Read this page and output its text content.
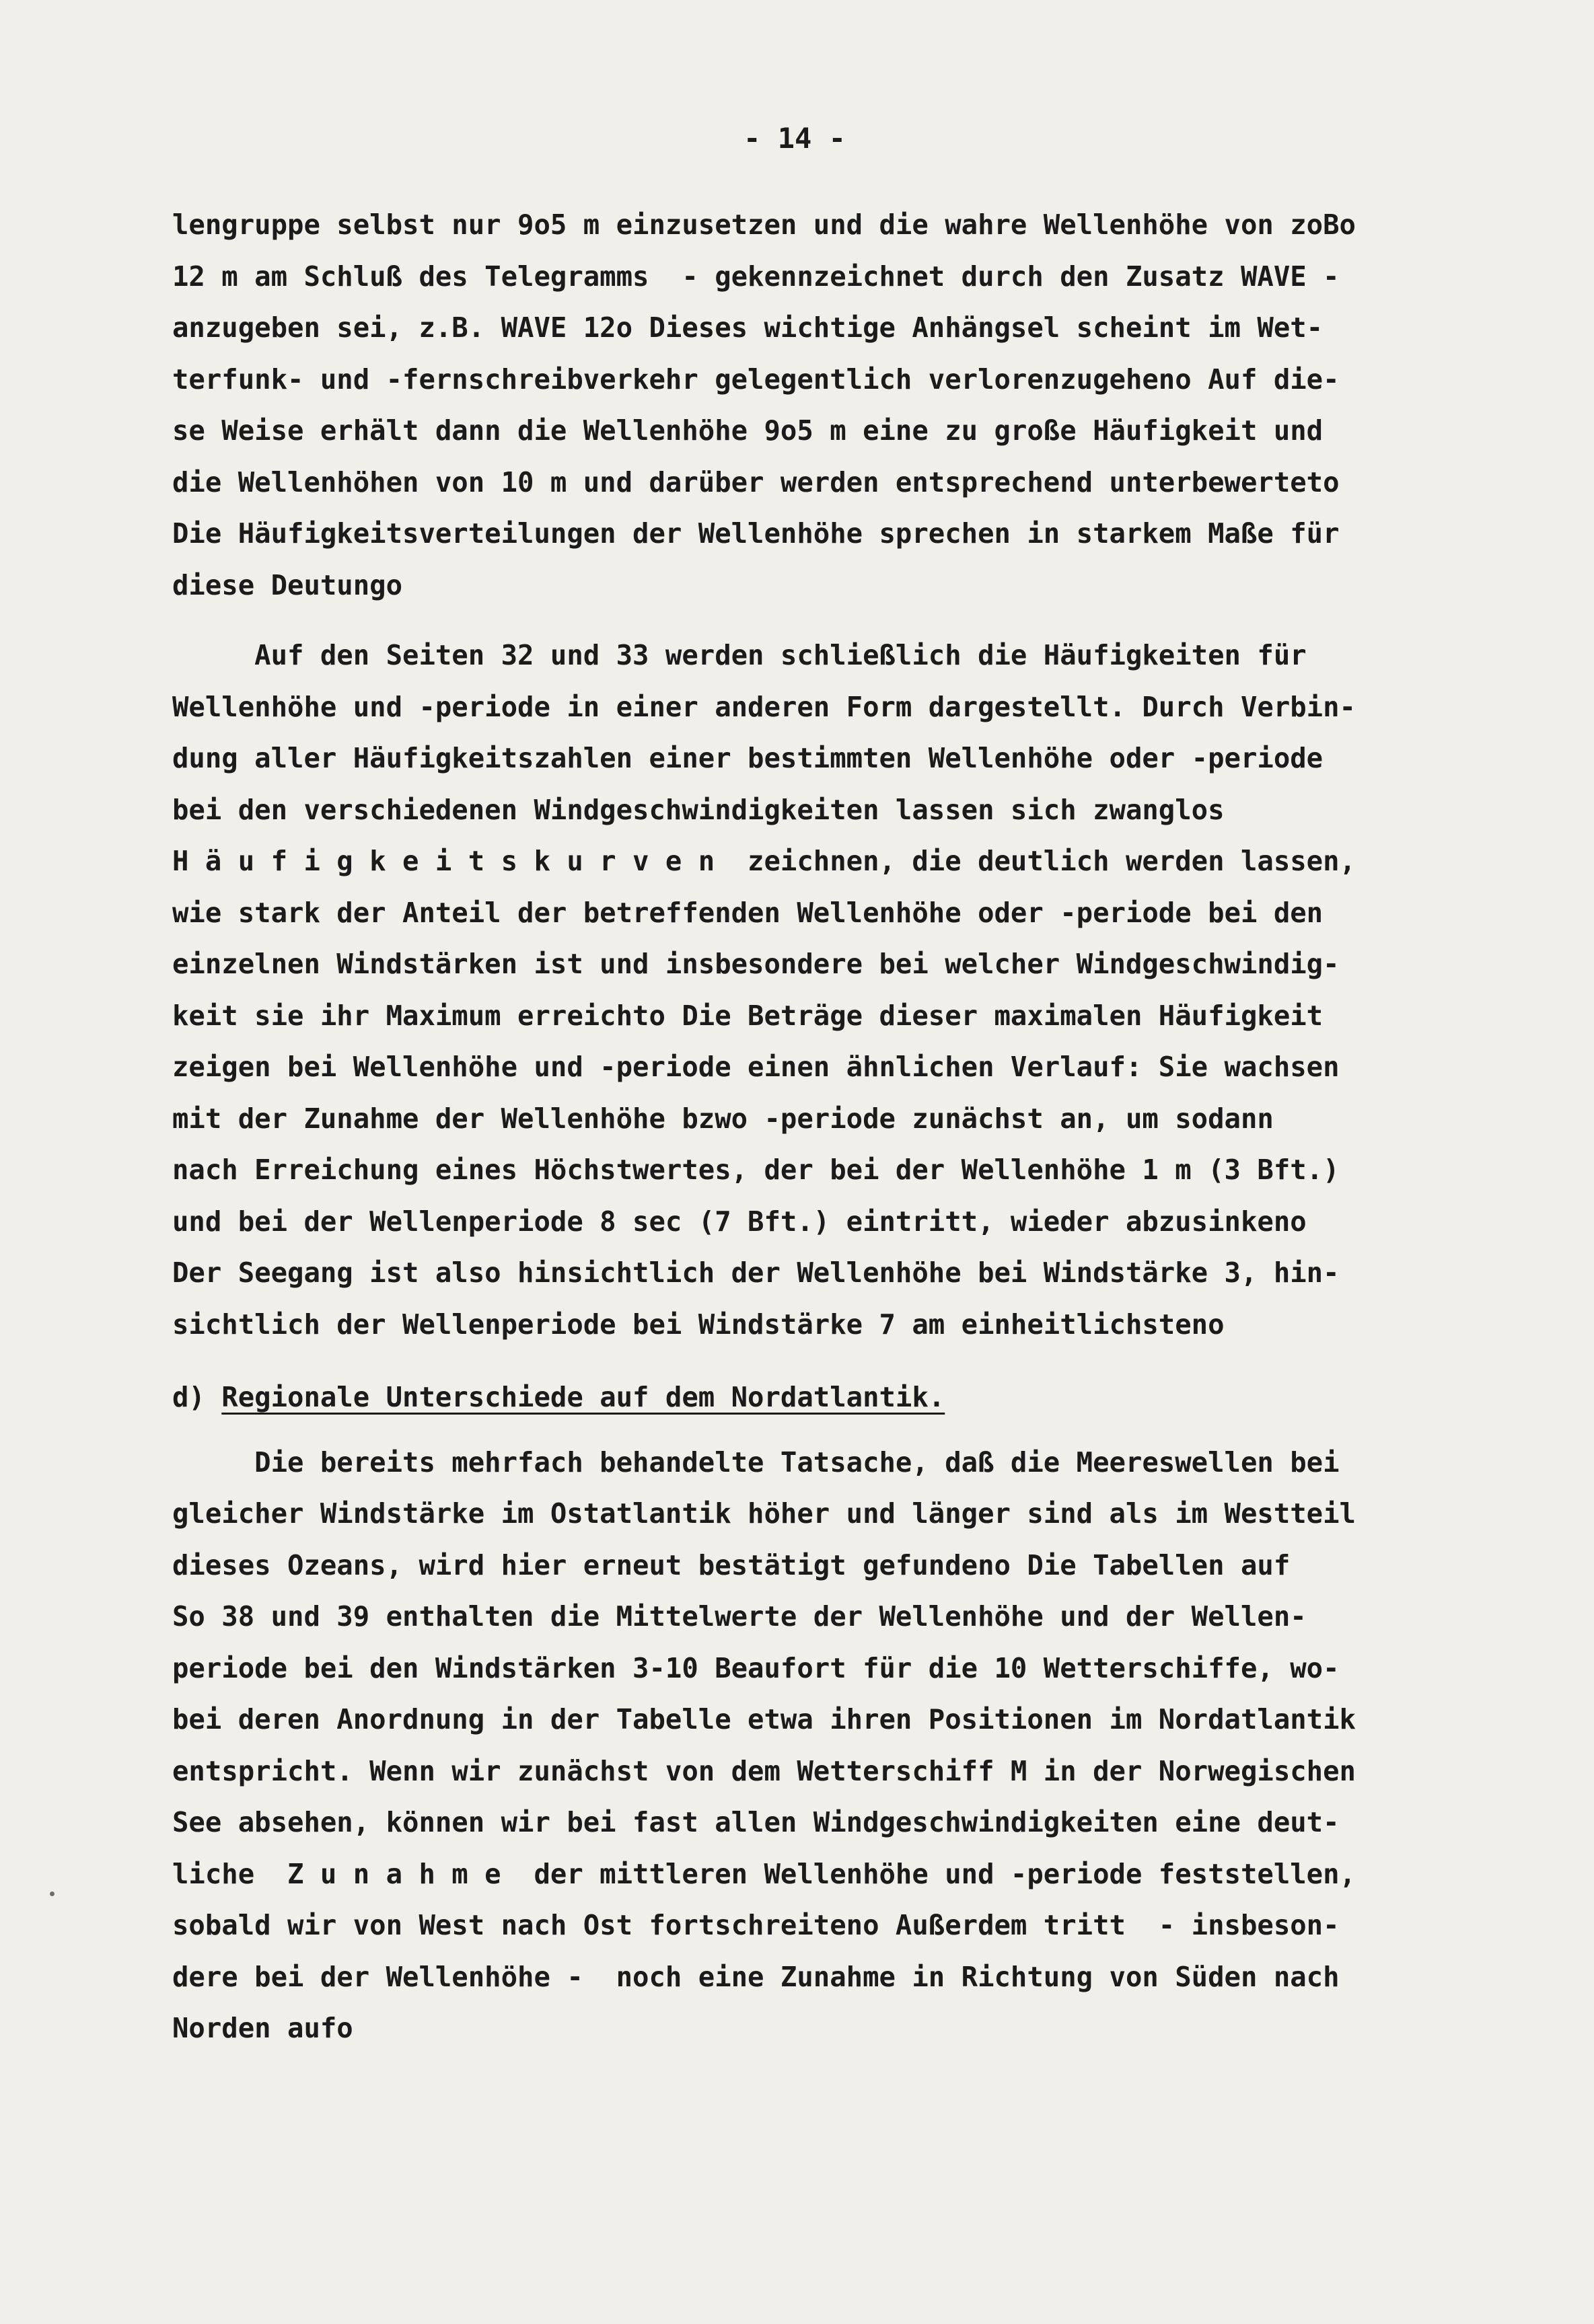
- 14 -
lengruppe selbst nur 9o5 m einzusetzen und die wahre Wellenhöhe von zoBo
12 m am Schluß des Telegramms  - gekennzeichnet durch den Zusatz WAVE -
anzugeben sei, z.B. WAVE 12o Dieses wichtige Anhängsel scheint im Wet-
terfunk- und -fernschreibverkehr gelegentlich verlorenzugeheno Auf die-
se Weise erhält dann die Wellenhöhe 9o5 m eine zu große Häufigkeit und
die Wellenhöhen von 10 m und darüber werden entsprechend unterbewerteto
Die Häufigkeitsverteilungen der Wellenhöhe sprechen in starkem Maße für
diese Deutungo
Auf den Seiten 32 und 33 werden schließlich die Häufigkeiten für
Wellenhöhe und -periode in einer anderen Form dargestellt. Durch Verbin-
dung aller Häufigkeitszahlen einer bestimmten Wellenhöhe oder -periode
bei den verschiedenen Windgeschwindigkeiten lassen sich zwanglos
H ä u f i g k e i t s k u r v e n  zeichnen, die deutlich werden lassen,
wie stark der Anteil der betreffenden Wellenhöhe oder -periode bei den
einzelnen Windstärken ist und insbesondere bei welcher Windgeschwindig-
keit sie ihr Maximum erreichto Die Beträge dieser maximalen Häufigkeit
zeigen bei Wellenhöhe und -periode einen ähnlichen Verlauf: Sie wachsen
mit der Zunahme der Wellenhöhe bzwo -periode zunächst an, um sodann
nach Erreichung eines Höchstwertes, der bei der Wellenhöhe 1 m (3 Bft.)
und bei der Wellenperiode 8 sec (7 Bft.) eintritt, wieder abzusinkeno
Der Seegang ist also hinsichtlich der Wellenhöhe bei Windstärke 3, hin-
sichtlich der Wellenperiode bei Windstärke 7 am einheitlichsteno
d) Regionale Unterschiede auf dem Nordatlantik.
Die bereits mehrfach behandelte Tatsache, daß die Meereswellen bei
gleicher Windstärke im Ostatlantik höher und länger sind als im Westteil
dieses Ozeans, wird hier erneut bestätigt gefundeno Die Tabellen auf
So 38 und 39 enthalten die Mittelwerte der Wellenhöhe und der Wellen-
periode bei den Windstärken 3-10 Beaufort für die 10 Wetterschiffe, wo-
bei deren Anordnung in der Tabelle etwa ihren Positionen im Nordatlantik
entspricht. Wenn wir zunächst von dem Wetterschiff M in der Norwegischen
See absehen, können wir bei fast allen Windgeschwindigkeiten eine deut-
liche  Z u n a h m e  der mittleren Wellenhöhe und -periode feststellen,
sobald wir von West nach Ost fortschreiteno Außerdem tritt  - insbeson-
dere bei der Wellenhöhe -  noch eine Zunahme in Richtung von Süden nach
Norden aufo
